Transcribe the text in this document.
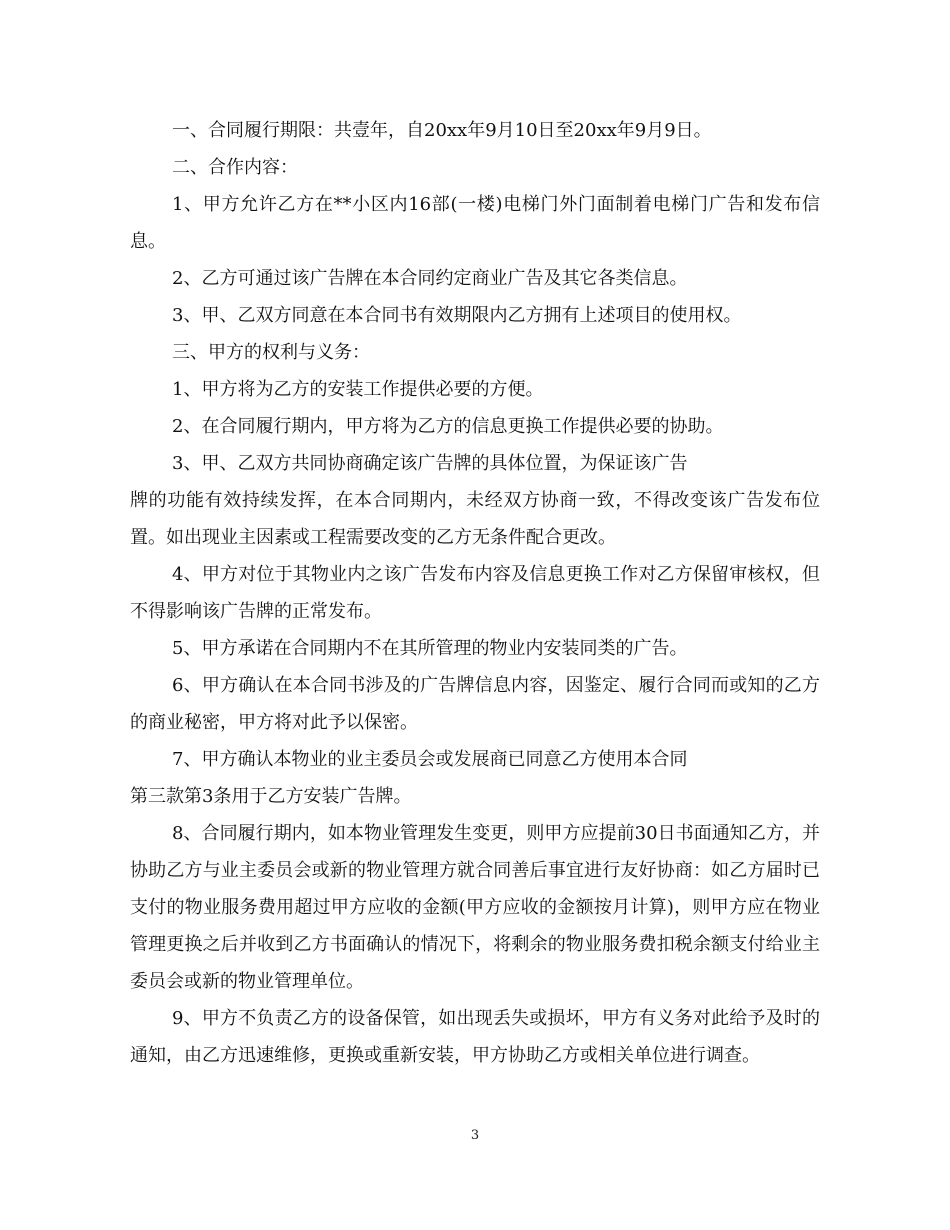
一、合同履行期限：共壹年，自20xx年9月10日至20xx年9月9日。

二、合作内容：

1、甲方允许乙方在**小区内16部(一楼)电梯门外门面制着电梯门广告和发布信息。

2、乙方可通过该广告牌在本合同约定商业广告及其它各类信息。

3、甲、乙双方同意在本合同书有效期限内乙方拥有上述项目的使用权。

三、甲方的权利与义务：

1、甲方将为乙方的安装工作提供必要的方便。

2、在合同履行期内，甲方将为乙方的信息更换工作提供必要的协助。

3、甲、乙双方共同协商确定该广告牌的具体位置，为保证该广告

牌的功能有效持续发挥，在本合同期内，未经双方协商一致，不得改变该广告发布位置。如出现业主因素或工程需要改变的乙方无条件配合更改。

4、甲方对位于其物业内之该广告发布内容及信息更换工作对乙方保留审核权，但不得影响该广告牌的正常发布。

5、甲方承诺在合同期内不在其所管理的物业内安装同类的广告。

6、甲方确认在本合同书涉及的广告牌信息内容，因鉴定、履行合同而或知的乙方的商业秘密，甲方将对此予以保密。

7、甲方确认本物业的业主委员会或发展商已同意乙方使用本合同

第三款第3条用于乙方安装广告牌。

8、合同履行期内，如本物业管理发生变更，则甲方应提前30日书面通知乙方，并协助乙方与业主委员会或新的物业管理方就合同善后事宜进行友好协商：如乙方届时已支付的物业服务费用超过甲方应收的金额(甲方应收的金额按月计算)，则甲方应在物业管理更换之后并收到乙方书面确认的情况下，将剩余的物业服务费扣税余额支付给业主委员会或新的物业管理单位。

9、甲方不负责乙方的设备保管，如出现丢失或损坏，甲方有义务对此给予及时的通知，由乙方迅速维修，更换或重新安装，甲方协助乙方或相关单位进行调查。

3
